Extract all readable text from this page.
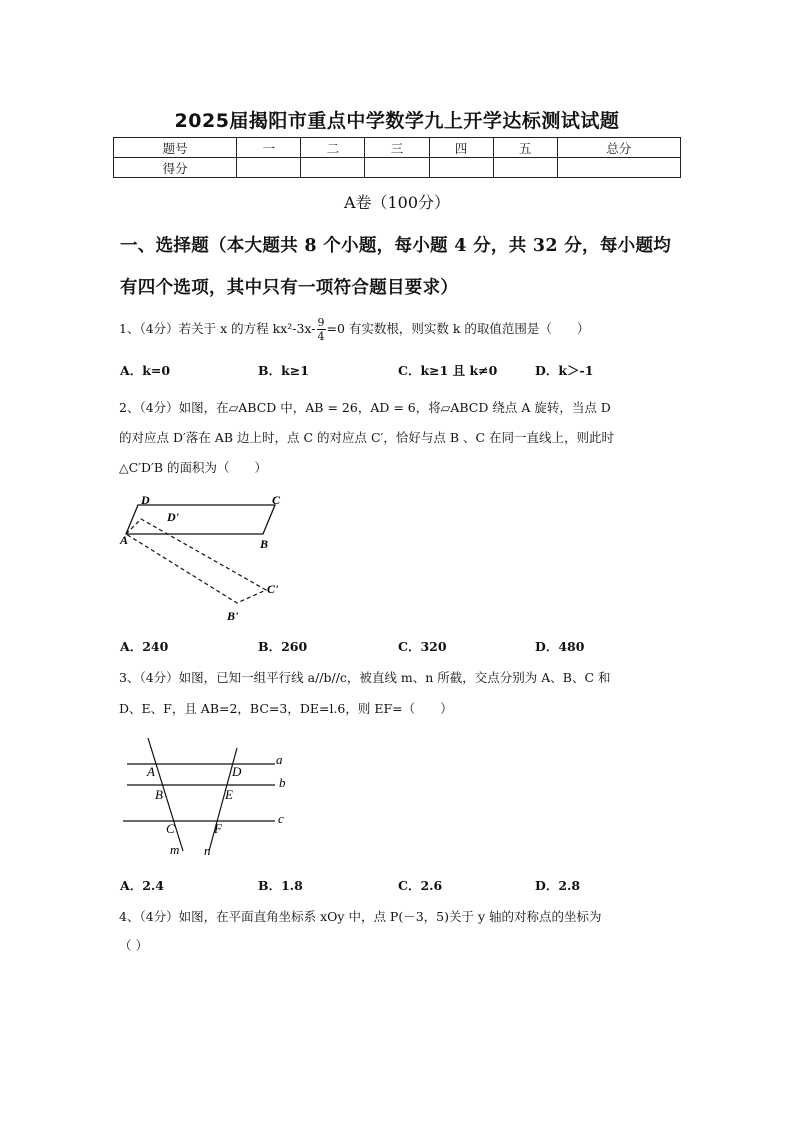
2025届揭阳市重点中学数学九上开学达标测试试题
题号	一	二	三	四	五	总分
得分						
A卷（100分）
一、选择题（本大题共 8 个小题，每小题 4 分，共 32 分，每小题均
有四个选项，其中只有一项符合题目要求）
1、（4分）若关于 x 的方程 $kx^2-3x- \frac{9}{4} =0$ 有实数根，则实数 k 的取值范围是（　　）
A．k=0	B．k≥1	C．k≥1 且 k≠0	D．k＞-1
2、（4分）如图，在▱ABCD 中，AB = 26，AD = 6，将▱ABCD 绕点 A 旋转，当点 D
的对应点 D′落在 AB 边上时，点 C 的对应点 C′，恰好与点 B 、C 在同一直线上，则此时
△C′D′B 的面积为（　　）
D	C
D'
A	B
C'
B'
A．240	B．260	C．320	D．480
3、（4分）如图，已知一组平行线 a//b//c，被直线 m、n 所截，交点分别为 A、B、C 和
D、E、F，且 AB=2，BC=3，DE=l.6，则 EF=（　　）
a
b
c
A	D
B	E
C	F
m n
A．2.4	B．1.8	C．2.6	D．2.8
4、（4分）如图，在平面直角坐标系 xOy 中，点 P(－3，5)关于 y 轴的对称点的坐标为
（ ）
